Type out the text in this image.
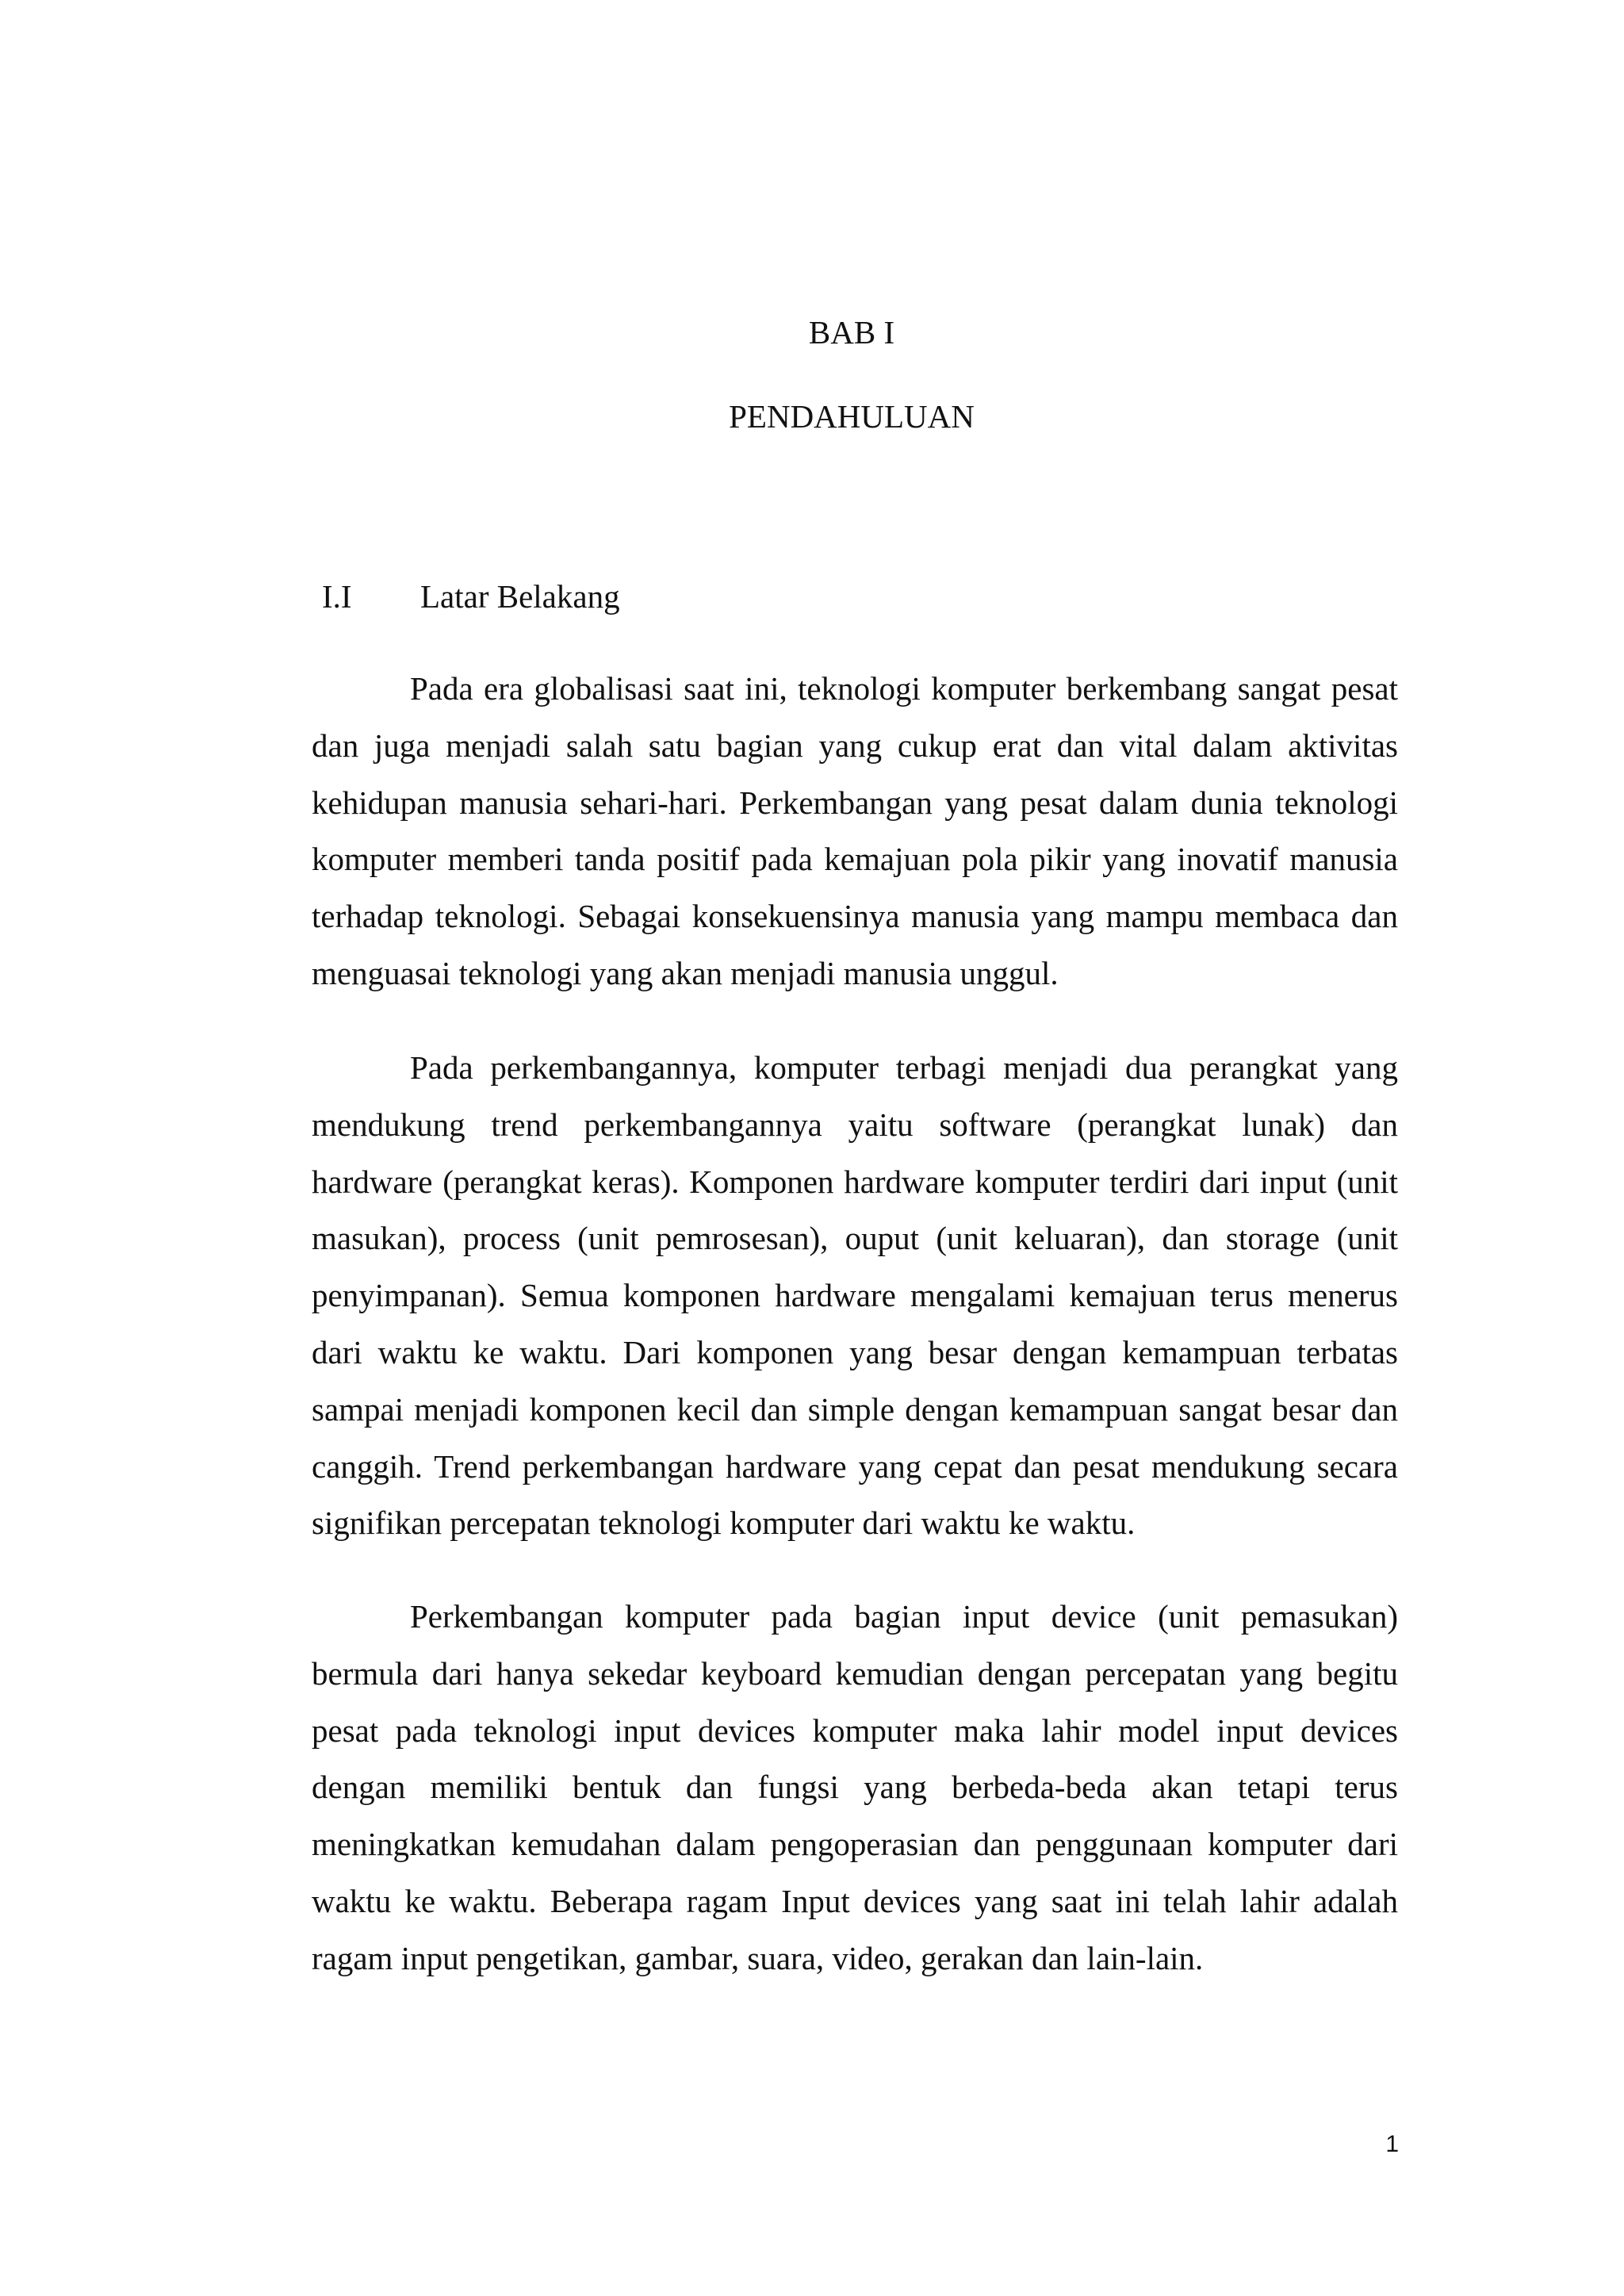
BAB I
PENDAHULUAN
I.I Latar Belakang

Pada era globalisasi saat ini, teknologi komputer berkembang sangat pesat dan juga menjadi salah satu bagian yang cukup erat dan vital dalam aktivitas kehidupan manusia sehari-hari. Perkembangan yang pesat dalam dunia teknologi komputer memberi tanda positif pada kemajuan pola pikir yang inovatif manusia terhadap teknologi. Sebagai konsekuensinya manusia yang mampu membaca dan menguasai teknologi yang akan menjadi manusia unggul.

Pada perkembangannya, komputer terbagi menjadi dua perangkat yang mendukung trend perkembangannya yaitu software (perangkat lunak) dan hardware (perangkat keras). Komponen hardware komputer terdiri dari input (unit masukan), process (unit pemrosesan), ouput (unit keluaran), dan storage (unit penyimpanan). Semua komponen hardware mengalami kemajuan terus menerus dari waktu ke waktu. Dari komponen yang besar dengan kemampuan terbatas sampai menjadi komponen kecil dan simple dengan kemampuan sangat besar dan canggih. Trend perkembangan hardware yang cepat dan pesat mendukung secara signifikan percepatan teknologi komputer dari waktu ke waktu.

Perkembangan komputer pada bagian input device (unit pemasukan) bermula dari hanya sekedar keyboard kemudian dengan percepatan yang begitu pesat pada teknologi input devices komputer maka lahir model input devices dengan memiliki bentuk dan fungsi yang berbeda-beda akan tetapi terus meningkatkan kemudahan dalam pengoperasian dan penggunaan komputer dari waktu ke waktu. Beberapa ragam Input devices yang saat ini telah lahir adalah ragam input pengetikan, gambar, suara, video, gerakan dan lain-lain.

1
